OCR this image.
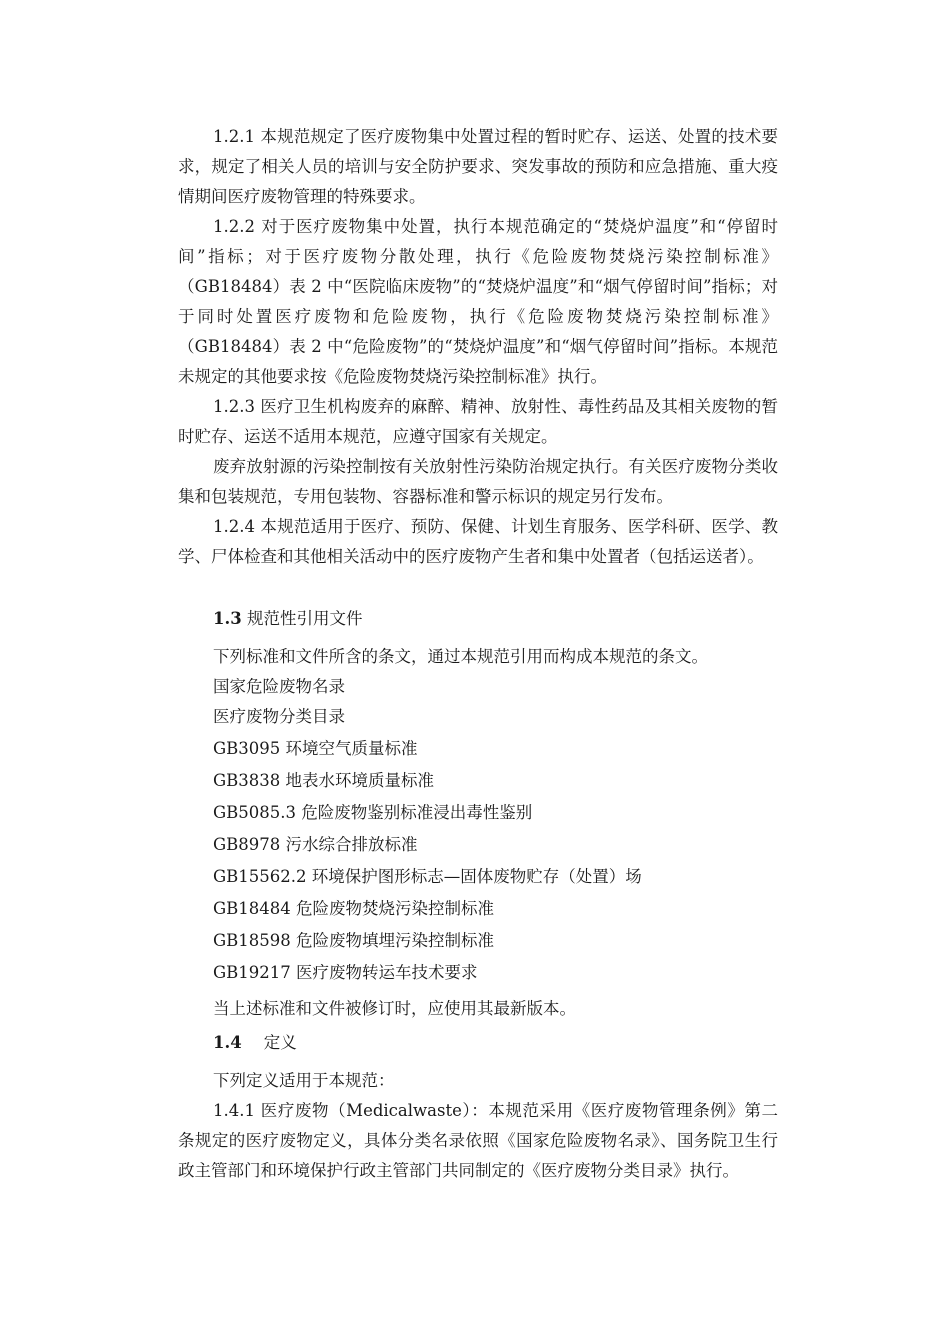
1.2.1 本规范规定了医疗废物集中处置过程的暂时贮存、运送、处置的技术要求，规定了相关人员的培训与安全防护要求、突发事故的预防和应急措施、重大疫情期间医疗废物管理的特殊要求。

1.2.2 对于医疗废物集中处置，执行本规范确定的“焚烧炉温度”和“停留时间”指标；对于医疗废物分散处理，执行《危险废物焚烧污染控制标准》（GB18484）表 2 中“医院临床废物”的“焚烧炉温度”和“烟气停留时间”指标；对于同时处置医疗废物和危险废物，执行《危险废物焚烧污染控制标准》（GB18484）表 2 中“危险废物”的“焚烧炉温度”和“烟气停留时间”指标。本规范未规定的其他要求按《危险废物焚烧污染控制标准》执行。

1.2.3 医疗卫生机构废弃的麻醉、精神、放射性、毒性药品及其相关废物的暂时贮存、运送不适用本规范，应遵守国家有关规定。

废弃放射源的污染控制按有关放射性污染防治规定执行。有关医疗废物分类收集和包装规范，专用包装物、容器标准和警示标识的规定另行发布。

1.2.4 本规范适用于医疗、预防、保健、计划生育服务、医学科研、医学、教学、尸体检查和其他相关活动中的医疗废物产生者和集中处置者（包括运送者）。

1.3 规范性引用文件
下列标准和文件所含的条文，通过本规范引用而构成本规范的条文。
国家危险废物名录
医疗废物分类目录
GB3095 环境空气质量标准
GB3838 地表水环境质量标准
GB5085.3 危险废物鉴别标准浸出毒性鉴别
GB8978 污水综合排放标准
GB15562.2 环境保护图形标志—固体废物贮存（处置）场
GB18484 危险废物焚烧污染控制标准
GB18598 危险废物填埋污染控制标准
GB19217 医疗废物转运车技术要求
当上述标准和文件被修订时，应使用其最新版本。
1.4 定义
下列定义适用于本规范：

1.4.1 医疗废物（Medicalwaste）：本规范采用《医疗废物管理条例》第二条规定的医疗废物定义，具体分类名录依照《国家危险废物名录》、国务院卫生行政主管部门和环境保护行政主管部门共同制定的《医疗废物分类目录》执行。
